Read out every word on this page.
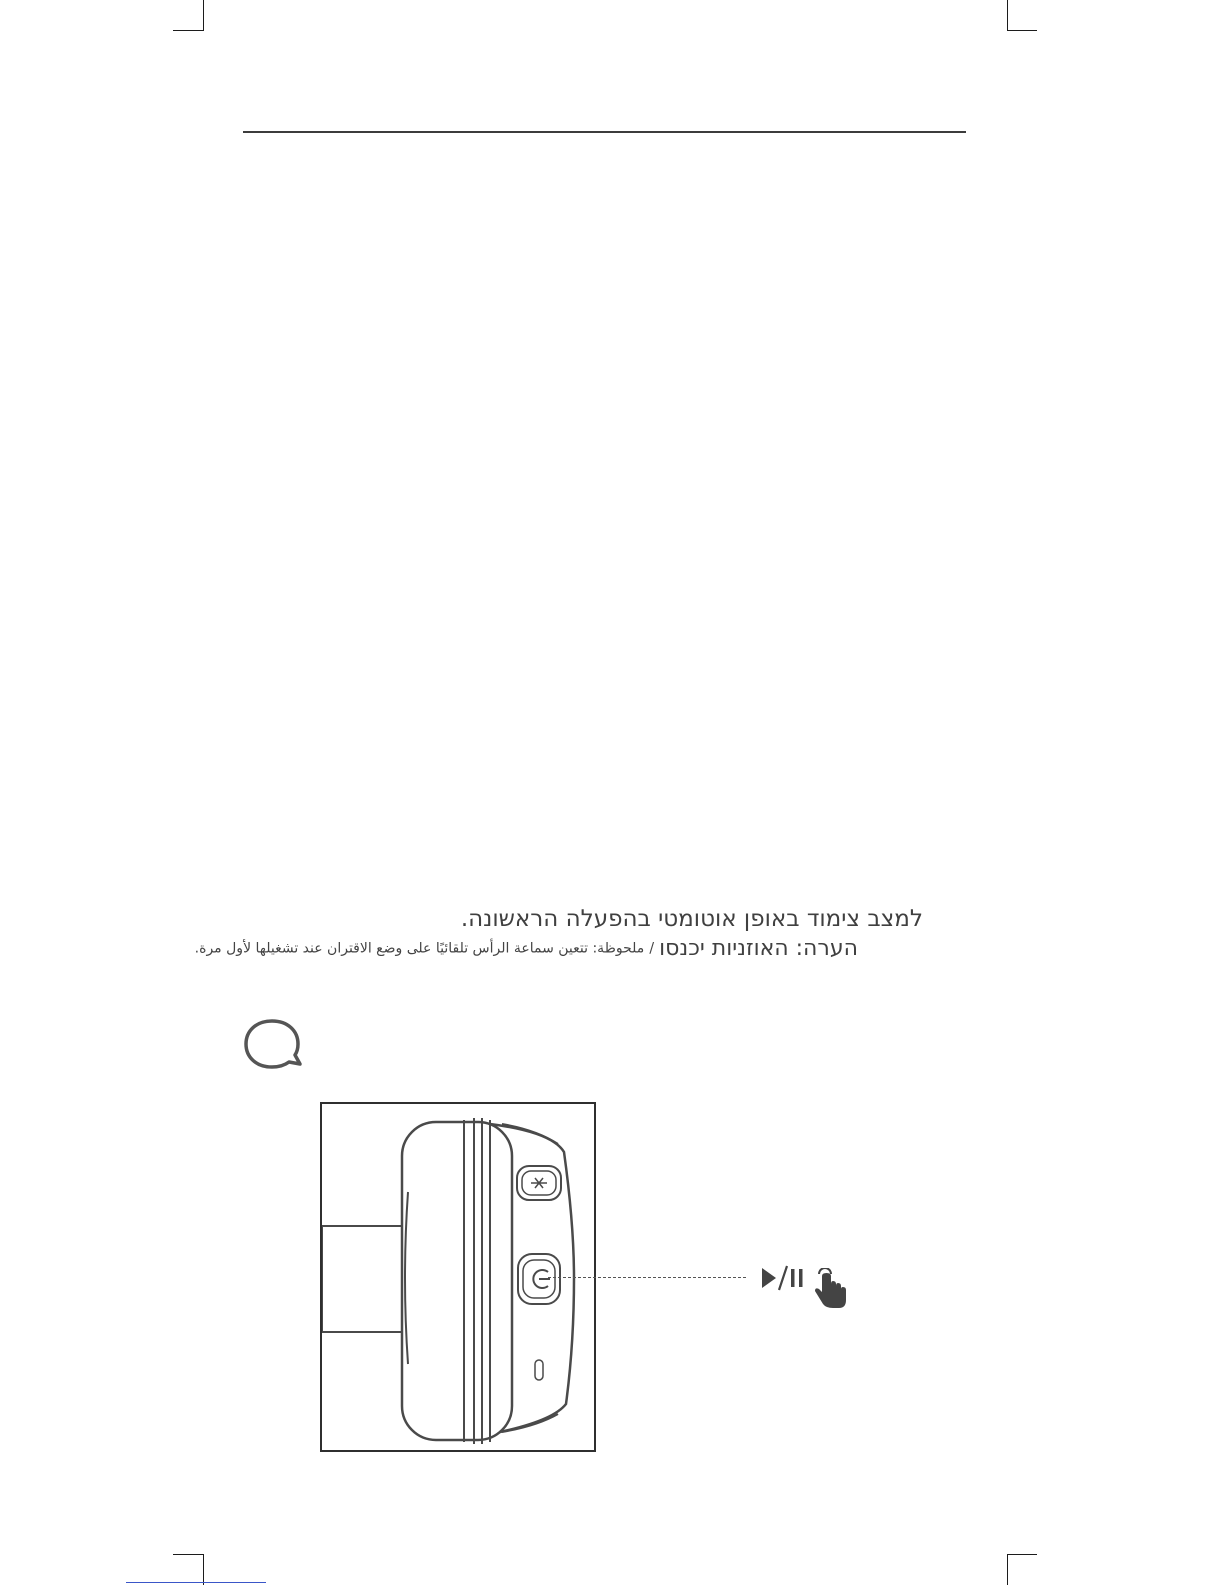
למצב צימוד באופן אוטומטי בהפעלה הראשונה.
הערה: האוזניות יכנסו / ملحوظة: تتعين سماعة الرأس تلقائيًا على وضع الاقتران عند تشغيلها لأول مرة.
